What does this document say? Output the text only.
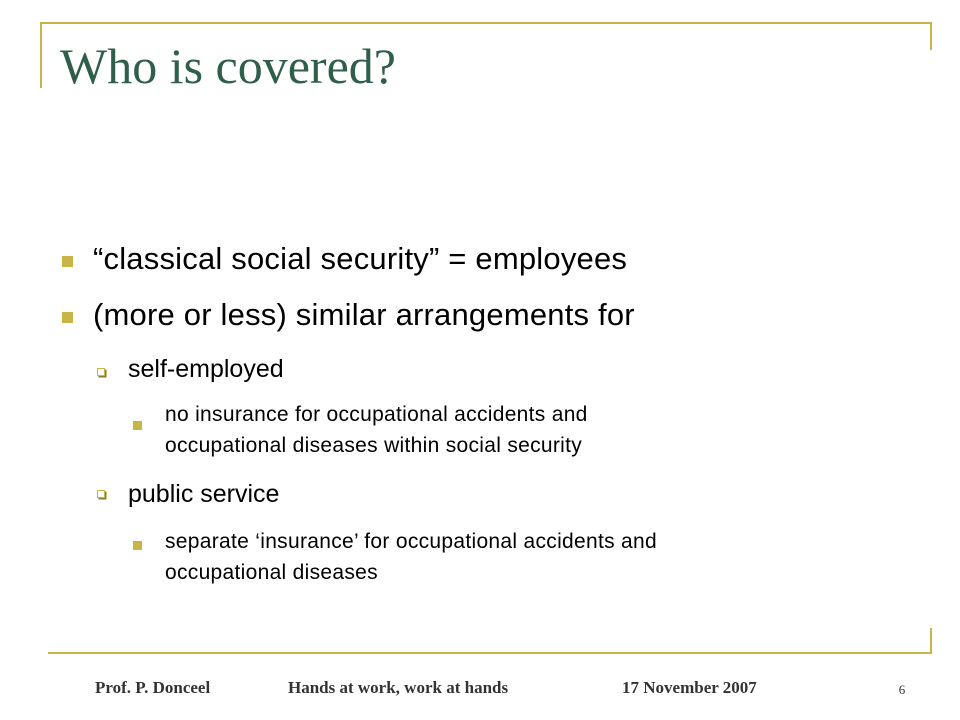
Who is covered?
“classical social security” = employees
(more or less) similar arrangements for
self-employed
no insurance for occupational accidents and
occupational diseases within social security
public service
separate ‘insurance’ for occupational accidents and
occupational diseases
Prof. P. Donceel	Hands at work, work at hands	17 November 2007	6
